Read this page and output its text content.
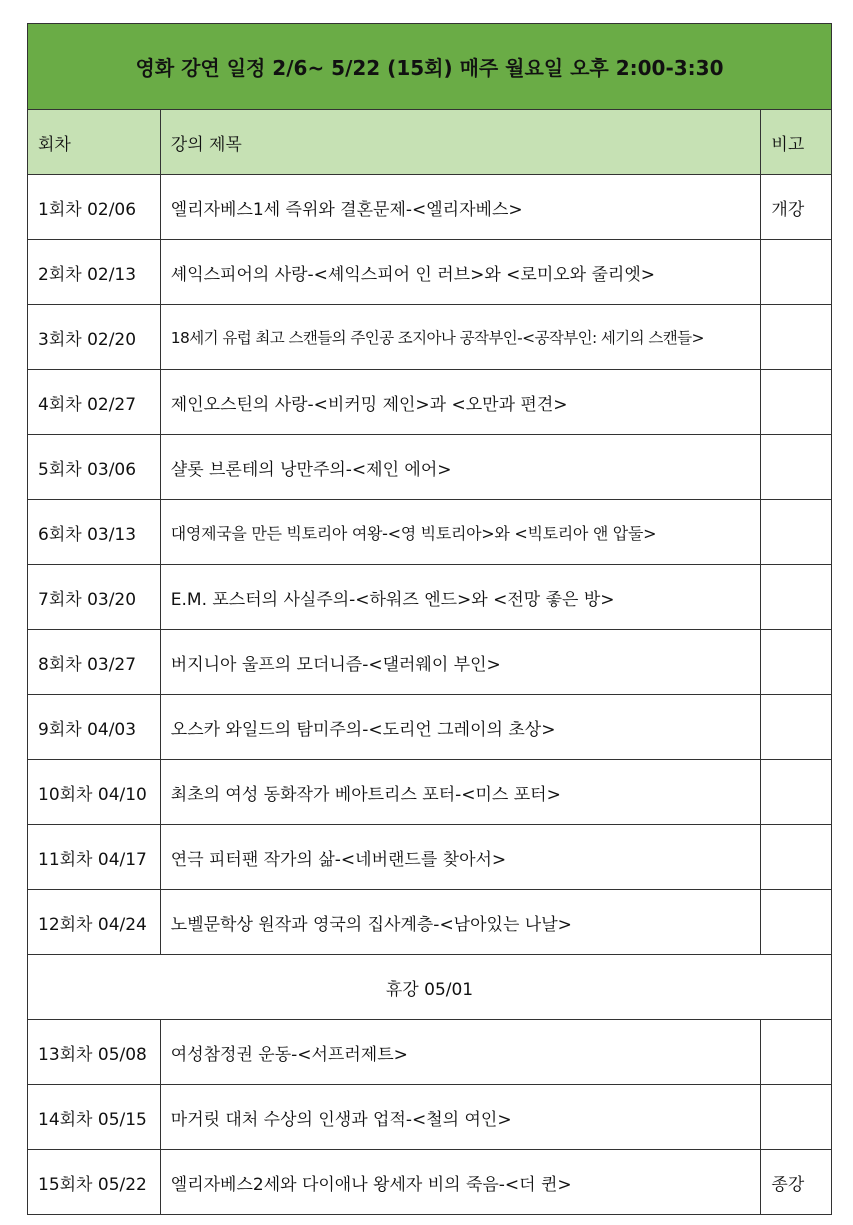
영화 강연 일정 2/6~ 5/22 (15회) 매주 월요일 오후 2:00-3:30		
회차	강의 제목	비고
1회차 02/06	엘리자베스1세 즉위와 결혼문제-<엘리자베스>	개강
2회차 02/13	셰익스피어의 사랑-<셰익스피어 인 러브>와 <로미오와 줄리엣>	
3회차 02/20	18세기 유럽 최고 스캔들의 주인공 조지아나 공작부인-<공작부인: 세기의 스캔들>	
4회차 02/27	제인오스틴의 사랑-<비커밍 제인>과 <오만과 편견>	
5회차 03/06	샬롯 브론테의 낭만주의-<제인 에어>	
6회차 03/13	대영제국을 만든 빅토리아 여왕-<영 빅토리아>와 <빅토리아 앤 압둘>	
7회차 03/20	E.M. 포스터의 사실주의-<하워즈 엔드>와 <전망 좋은 방>	
8회차 03/27	버지니아 울프의 모더니즘-<댈러웨이 부인>	
9회차 04/03	오스카 와일드의 탐미주의-<도리언 그레이의 초상>	
10회차 04/10	최초의 여성 동화작가 베아트리스 포터-<미스 포터>	
11회차 04/17	연극 피터팬 작가의 삶-<네버랜드를 찾아서>	
12회차 04/24	노벨문학상 원작과 영국의 집사계층-<남아있는 나날>	
휴강 05/01		
13회차 05/08	여성참정권 운동-<서프러제트>	
14회차 05/15	마거릿 대처 수상의 인생과 업적-<철의 여인>	
15회차 05/22	엘리자베스2세와 다이애나 왕세자 비의 죽음-<더 퀸>	종강
